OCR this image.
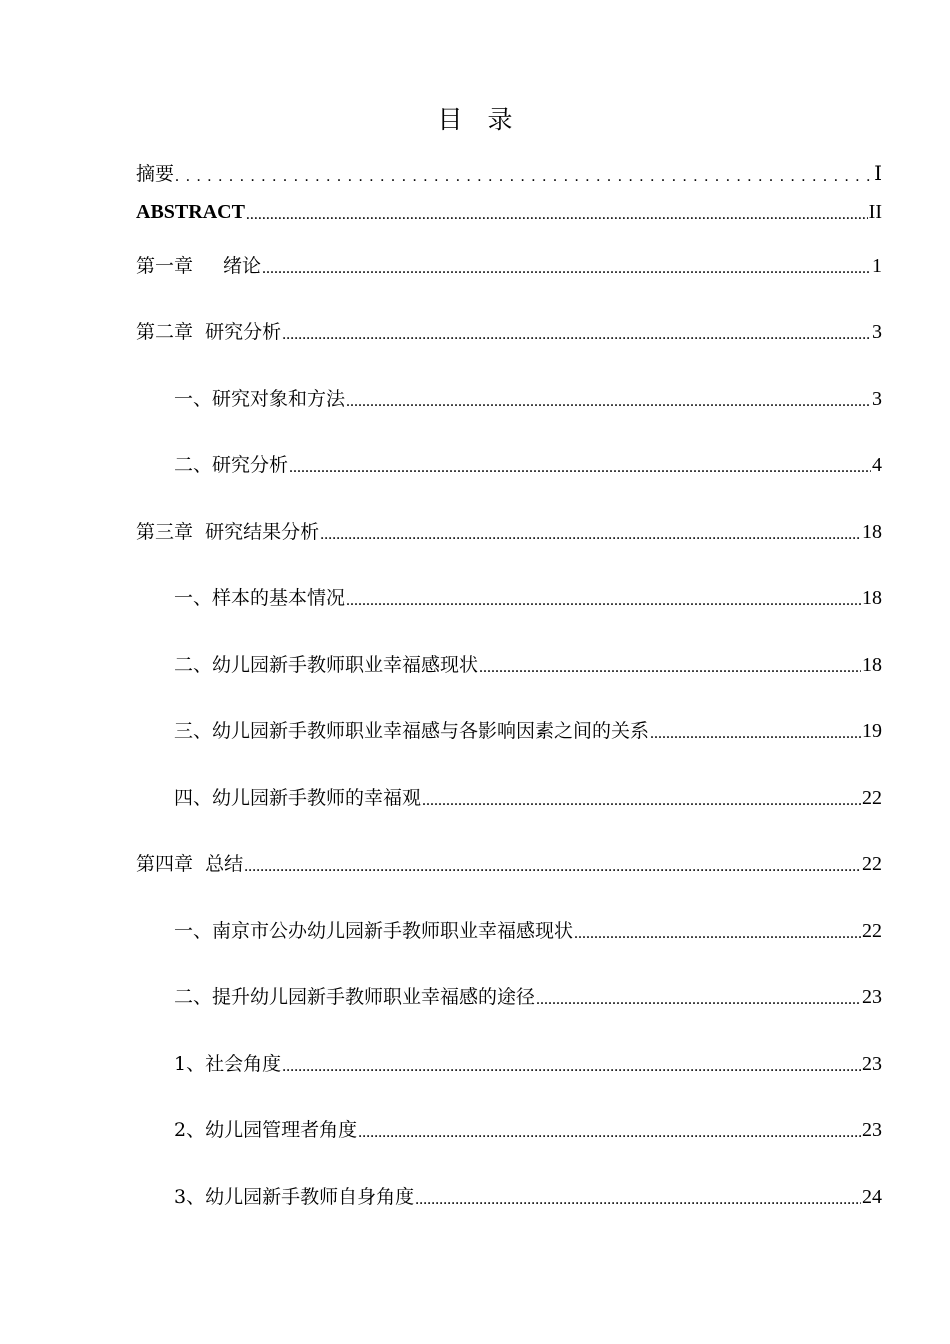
目　录
摘要 . . .	Ⅰ
ABSTRACT .....	II
第一章 绪论 .....	1
第二章  研究分析 .....	3
一、研究对象和方法 .....	3
二、研究分析 .....	4
第三章  研究结果分析 .....	18
一、样本的基本情况 .....	18
二、幼儿园新手教师职业幸福感现状 .....	18
三、幼儿园新手教师职业幸福感与各影响因素之间的关系 .....	19
四、幼儿园新手教师的幸福观 .....	22
第四章  总结 .....	22
一、南京市公办幼儿园新手教师职业幸福感现状 .....	22
二、提升幼儿园新手教师职业幸福感的途径 .....	23
1、社会角度 .....	23
2、幼儿园管理者角度 .....	23
3、幼儿园新手教师自身角度 .....	24
